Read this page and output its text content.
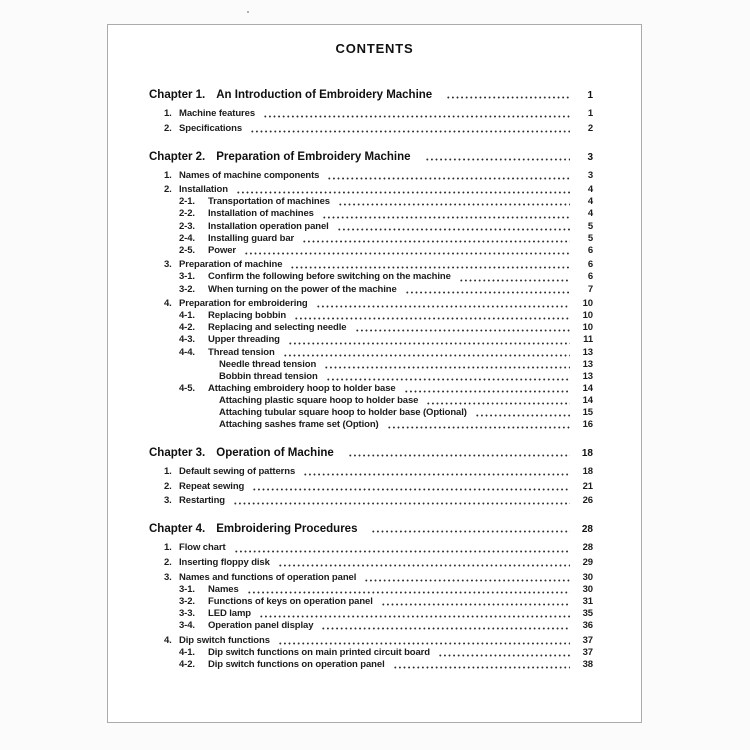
CONTENTS
Chapter 1. An Introduction of Embroidery Machine	1
1. Machine features	1
2. Specifications	2
Chapter 2. Preparation of Embroidery Machine	3
1. Names of machine components	3
2. Installation	4
2-1.	Transportation of machines	4
2-2.	Installation of machines	4
2-3.	Installation operation panel	5
2-4.	Installing guard bar	5
2-5.	Power	6
3. Preparation of machine	6
3-1.	Confirm the following before switching on the machine	6
3-2.	When turning on the power of the machine	7
4. Preparation for embroidering	10
4-1.	Replacing bobbin	10
4-2.	Replacing and selecting needle	10
4-3.	Upper threading	11
4-4.	Thread tension	13
Needle thread tension	13
Bobbin thread tension	13
4-5.	Attaching embroidery hoop to holder base	14
Attaching plastic square hoop to holder base	14
Attaching tubular square hoop to holder base (Optional)	15
Attaching sashes frame set (Option)	16
Chapter 3. Operation of Machine	18
1. Default sewing of patterns	18
2. Repeat sewing	21
3. Restarting	26
Chapter 4. Embroidering Procedures	28
1. Flow chart	28
2. Inserting floppy disk	29
3. Names and functions of operation panel	30
3-1.	Names	30
3-2.	Functions of keys on operation panel	31
3-3.	LED lamp	35
3-4.	Operation panel display	36
4. Dip switch functions	37
4-1.	Dip switch functions on main printed circuit board	37
4-2.	Dip switch functions on operation panel	38
